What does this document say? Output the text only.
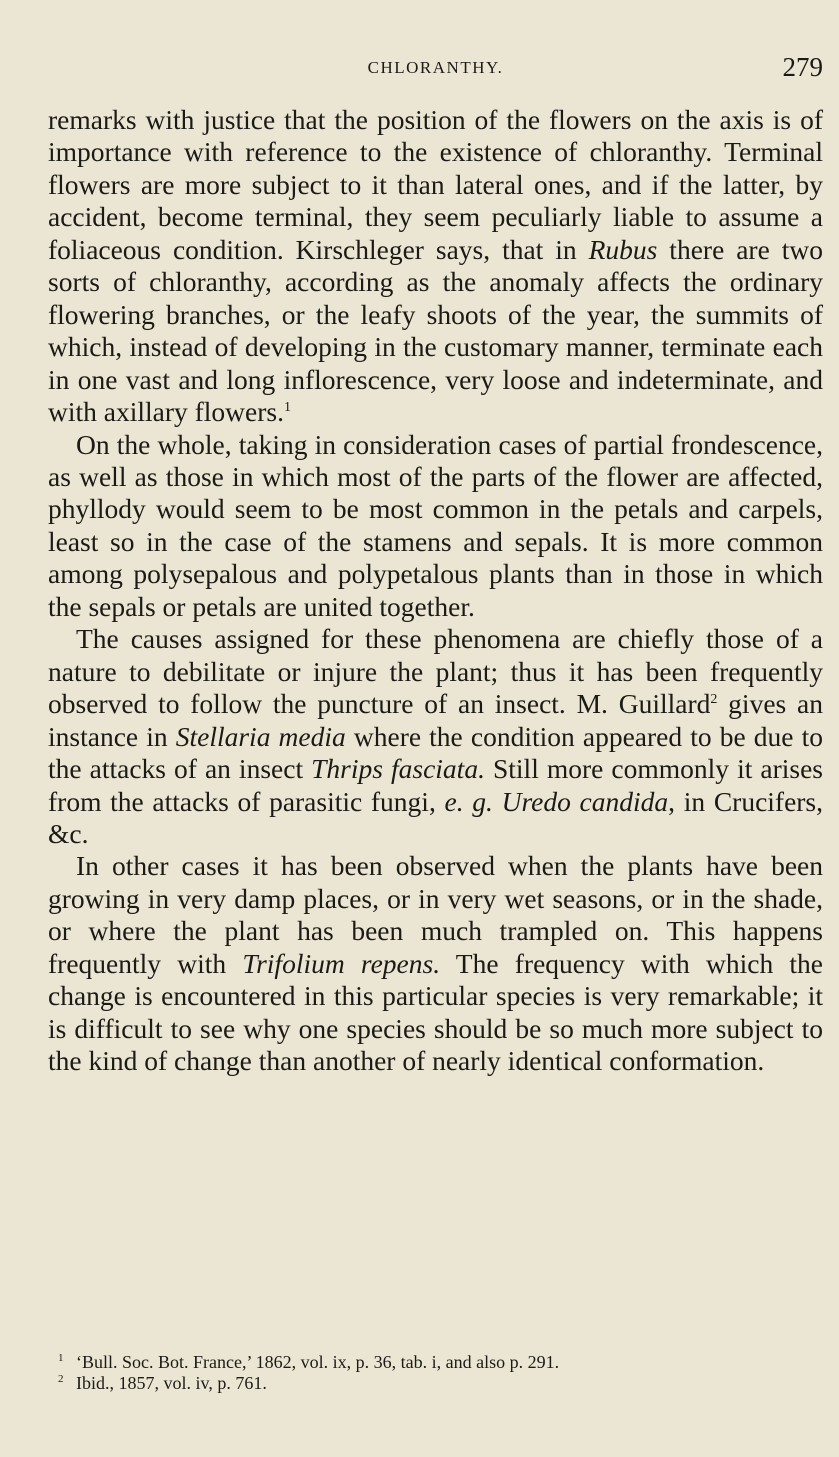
CHLORANTHY.	279

remarks with justice that the position of the flowers on the axis is of importance with reference to the existence of chloranthy. Terminal flowers are more subject to it than lateral ones, and if the latter, by accident, become terminal, they seem peculiarly liable to assume a foliaceous condition. Kirschleger says, that in Rubus there are two sorts of chloranthy, according as the anomaly affects the ordinary flowering branches, or the leafy shoots of the year, the summits of which, instead of developing in the customary manner, terminate each in one vast and long inflorescence, very loose and indeterminate, and with axillary flowers.$^1$

On the whole, taking in consideration cases of partial frondescence, as well as those in which most of the parts of the flower are affected, phyllody would seem to be most common in the petals and carpels, least so in the case of the stamens and sepals. It is more common among polysepalous and polypetalous plants than in those in which the sepals or petals are united together.

The causes assigned for these phenomena are chiefly those of a nature to debilitate or injure the plant; thus it has been frequently observed to follow the puncture of an insect. M. Guillard$^2$ gives an instance in Stellaria media where the condition appeared to be due to the attacks of an insect Thrips fasciata. Still more commonly it arises from the attacks of parasitic fungi, e. g. Uredo candida, in Crucifers, &c.

In other cases it has been observed when the plants have been growing in very damp places, or in very wet seasons, or in the shade, or where the plant has been much trampled on. This happens frequently with Trifolium repens. The frequency with which the change is encountered in this particular species is very remarkable; it is difficult to see why one species should be so much more subject to the kind of change than another of nearly identical conformation.

1 ‘Bull. Soc. Bot. France,’ 1862, vol. ix, p. 36, tab. i, and also p. 291.
2 Ibid., 1857, vol. iv, p. 761.
